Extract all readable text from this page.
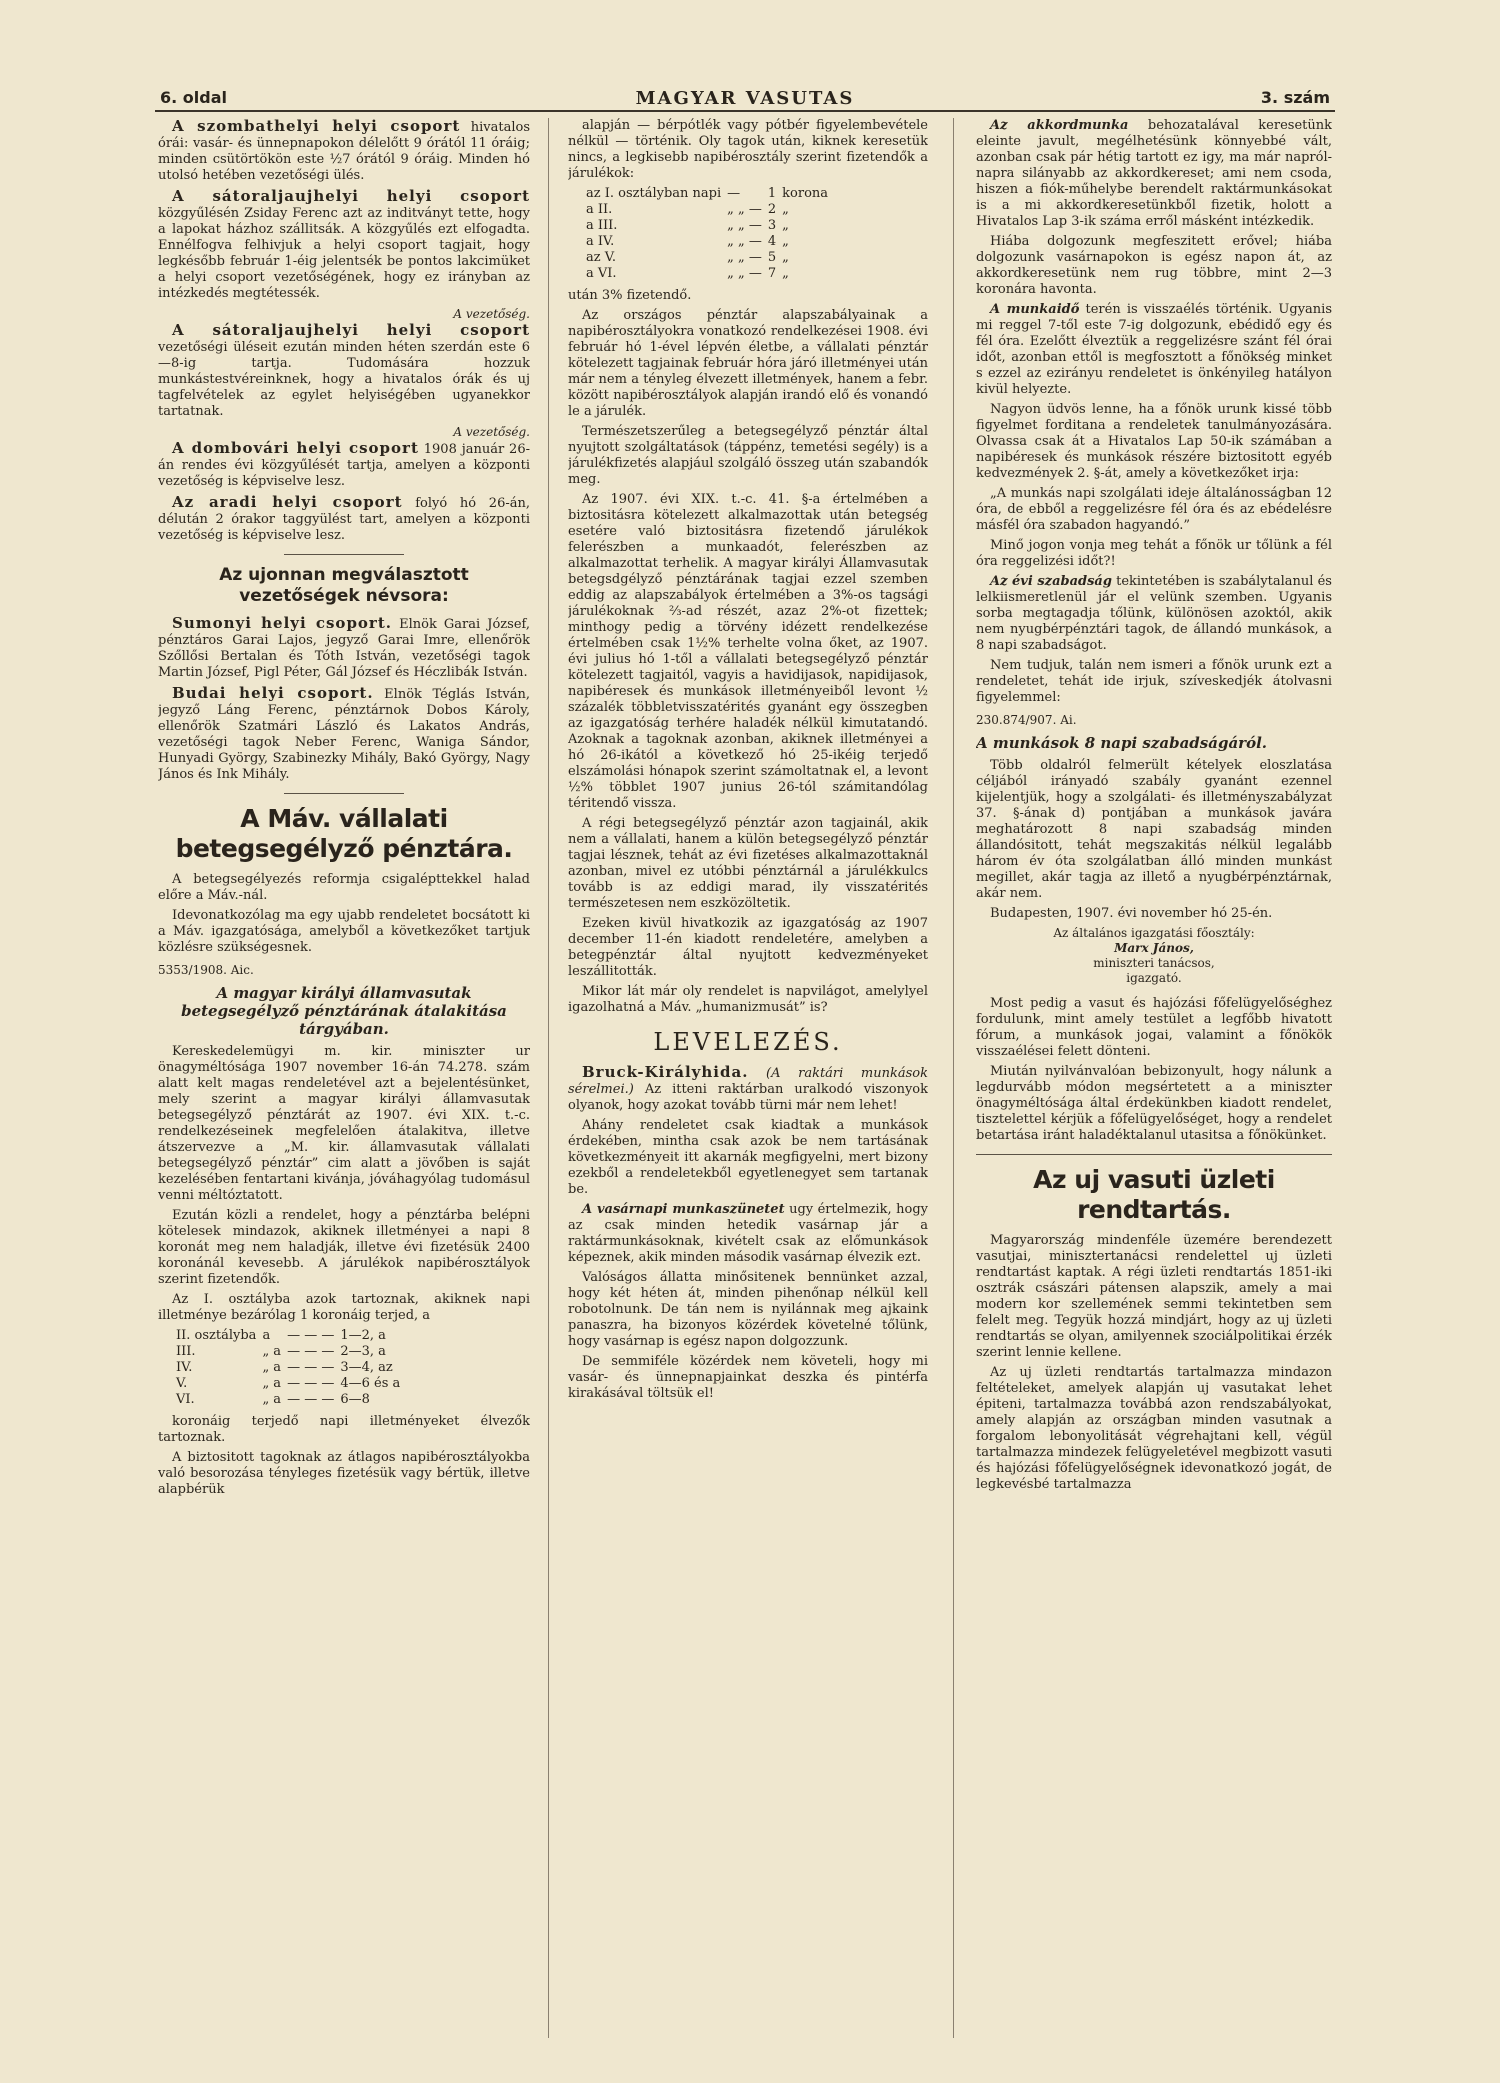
6. oldal	MAGYAR VASUTAS	3. szám

A szombathelyi helyi csoport hivatalos órái: vasár- és ünnepnapokon délelőtt 9 órától 11 óráig; minden csütörtökön este ½7 órától 9 óráig. Minden hó utolsó hetében vezetőségi ülés.

A sátoraljaujhelyi helyi csoport közgyűlésén Zsiday Ferenc azt az inditványt tette, hogy a lapokat házhoz szállitsák. A közgyűlés ezt elfogadta. Ennélfogva felhivjuk a helyi csoport tagjait, hogy legkésőbb február 1-éig jelentsék be pontos lakcimüket a helyi csoport vezetőségének, hogy ez irányban az intézkedés megtétessék.

A vezetőség.

A sátoraljaujhelyi helyi csoport vezetőségi üléseit ezután minden héten szerdán este 6—8-ig tartja. Tudomására hozzuk munkástestvéreinknek, hogy a hivatalos órák és uj tagfelvételek az egylet helyiségében ugyanekkor tartatnak.

A vezetőség.

A dombovári helyi csoport 1908 január 26-án rendes évi közgyűlését tartja, amelyen a központi vezetőség is képviselve lesz.

Az aradi helyi csoport folyó hó 26-án, délután 2 órakor taggyülést tart, amelyen a központi vezetőség is képviselve lesz.

Az ujonnan megválasztott vezetőségek névsora:

Sumonyi helyi csoport. Elnök Garai József, pénztáros Garai Lajos, jegyző Garai Imre, ellenőrök Szőllősi Bertalan és Tóth István, vezetőségi tagok Martin József, Pigl Péter, Gál József és Héczlibák István.

Budai helyi csoport. Elnök Téglás István, jegyző Láng Ferenc, pénztárnok Dobos Károly, ellenőrök Szatmári László és Lakatos András, vezetőségi tagok Neber Ferenc, Waniga Sándor, Hunyadi György, Szabinezky Mihály, Bakó György, Nagy János és Ink Mihály.

A Máv. vállalati betegsegélyző pénztára.

A betegsegélyezés reformja csigalépttekkel halad előre a Máv.-nál.

Idevonatkozólag ma egy ujabb rendeletet bocsátott ki a Máv. igazgatósága, amelyből a következőket tartjuk közlésre szükségesnek.

5353/1908. Aic.
A magyar királyi államvasutak betegsegélyző pénztárának átalakitása tárgyában.

Kereskedelemügyi m. kir. miniszter ur önagyméltósága 1907 november 16-án 74.278. szám alatt kelt magas rendeletével azt a bejelentésünket, mely szerint a magyar királyi államvasutak betegsegélyző pénztárát az 1907. évi XIX. t.-c. rendelkezéseinek megfelelően átalakitva, illetve átszervezve a „M. kir. államvasutak vállalati betegsegélyző pénztár” cim alatt a jövőben is saját kezelésében fentartani kivánja, jóváhagyólag tudomásul venni méltóztatott.

Ezután közli a rendelet, hogy a pénztárba belépni kötelesek mindazok, akiknek illetményei a napi 8 koronát meg nem haladják, illetve évi fizetésük 2400 koronánál kevesebb. A járulékok napibérosztályok szerint fizetendők.

Az I. osztályba azok tartoznak, akiknek napi illetménye bezárólag 1 koronáig terjed, a

II. osztályba	a	— — —	1—2, a
III.	„ a	— — —	2—3, a
IV.	„ a	— — —	3—4, az
V.	„ a	— — —	4—6 és a
VI.	„ a	— — —	6—8

koronáig terjedő napi illetményeket élvezők tartoznak.

A biztositott tagoknak az átlagos napibérosztályokba való besorozása tényleges fizetésük vagy bértük, illetve alapbérük

alapján — bérpótlék vagy pótbér figyelembevétele nélkül — történik. Oly tagok után, kiknek keresetük nincs, a legkisebb napibérosztály szerint fizetendők a járulékok:

az I. osztályban napi	—	1	korona
a II.	„ „ —	2	„
a III.	„ „ —	3	„
a IV.	„ „ —	4	„
az V.	„ „ —	5	„
a VI.	„ „ —	7	„

után 3% fizetendő.

Az országos pénztár alapszabályainak a napibérosztályokra vonatkozó rendelkezései 1908. évi február hó 1-ével lépvén életbe, a vállalati pénztár kötelezett tagjainak február hóra járó illetményei után már nem a tényleg élvezett illetmények, hanem a febr. között napibérosztályok alapján irandó elő és vonandó le a járulék.

Természetszerűleg a betegsegélyző pénztár által nyujtott szolgáltatások (táppénz, temetési segély) is a járulékfizetés alapjául szolgáló összeg után szabandók meg.

Az 1907. évi XIX. t.-c. 41. §-a értelmében a biztositásra kötelezett alkalmazottak után betegség esetére való biztositásra fizetendő járulékok felerészben a munkaadót, felerészben az alkalmazottat terhelik. A magyar királyi Államvasutak betegsdgélyző pénztárának tagjai ezzel szemben eddig az alapszabályok értelmében a 3%-os tagsági járulékoknak ⅔-ad részét, azaz 2%-ot fizettek; minthogy pedig a törvény idézett rendelkezése értelmében csak 1½% terhelte volna őket, az 1907. évi julius hó 1-től a vállalati betegsegélyző pénztár kötelezett tagjaitól, vagyis a havidijasok, napidijasok, napibéresek és munkások illetményeiből levont ½ százalék többletvisszatérités gyanánt egy összegben az igazgatóság terhére haladék nélkül kimutatandó. Azoknak a tagoknak azonban, akiknek illetményei a hó 26-ikától a következő hó 25-ikéig terjedő elszámolási hónapok szerint számoltatnak el, a levont ½% többlet 1907 junius 26-tól számitandólag téritendő vissza.

A régi betegsegélyző pénztár azon tagjainál, akik nem a vállalati, hanem a külön betegsegélyző pénztár tagjai lésznek, tehát az évi fizetéses alkalmazottaknál azonban, mivel ez utóbbi pénztárnál a járulékkulcs tovább is az eddigi marad, ily visszatérités természetesen nem eszközöltetik.

Ezeken kivül hivatkozik az igazgatóság az 1907 december 11-én kiadott rendeletére, amelyben a betegpénztár által nyujtott kedvezményeket leszállitották.

Mikor lát már oly rendelet is napvilágot, amelylyel igazolhatná a Máv. „humanizmusát” is?

LEVELEZÉS.

Bruck-Királyhida. (A raktári munkások sérelmei.) Az itteni raktárban uralkodó viszonyok olyanok, hogy azokat tovább türni már nem lehet!

Ahány rendeletet csak kiadtak a munkások érdekében, mintha csak azok be nem tartásának következményeit itt akarnák megfigyelni, mert bizony ezekből a rendeletekből egyetlenegyet sem tartanak be.

A vasárnapi munkaszünetet ugy értelmezik, hogy az csak minden hetedik vasárnap jár a raktármunkásoknak, kivételt csak az előmunkások képeznek, akik minden második vasárnap élvezik ezt.

Valóságos állatta minősitenek bennünket azzal, hogy két héten át, minden pihenőnap nélkül kell robotolnunk. De tán nem is nyilánnak meg ajkaink panaszra, ha bizonyos közérdek követelné tőlünk, hogy vasárnap is egész napon dolgozzunk.

De semmiféle közérdek nem követeli, hogy mi vasár- és ünnepnapjainkat deszka és pintérfa kirakásával töltsük el!

Az akkordmunka behozatalával keresetünk eleinte javult, megélhetésünk könnyebbé vált, azonban csak pár hétig tartott ez igy, ma már napról-napra silányabb az akkordkereset; ami nem csoda, hiszen a fiók-műhelybe berendelt raktármunkásokat is a mi akkordkeresetünkből fizetik, holott a Hivatalos Lap 3-ik száma erről másként intézkedik.

Hiába dolgozunk megfeszitett erővel; hiába dolgozunk vasárnapokon is egész napon át, az akkordkeresetünk nem rug többre, mint 2—3 koronára havonta.

A munkaidő terén is visszaélés történik. Ugyanis mi reggel 7-től este 7-ig dolgozunk, ebédidő egy és fél óra. Ezelőtt élveztük a reggelizésre szánt fél órai időt, azonban ettől is megfosztott a főnökség minket s ezzel az ezirányu rendeletet is önkényileg hatályon kivül helyezte.

Nagyon üdvös lenne, ha a főnök urunk kissé több figyelmet forditana a rendeletek tanulmányozására. Olvassa csak át a Hivatalos Lap 50-ik számában a napibéresek és munkások részére biztositott egyéb kedvezmények 2. §-át, amely a következőket irja:

„A munkás napi szolgálati ideje általánosságban 12 óra, de ebből a reggelizésre fél óra és az ebédelésre másfél óra szabadon hagyandó.”

Minő jogon vonja meg tehát a főnök ur tőlünk a fél óra reggelizési időt?!

Az évi szabadság tekintetében is szabálytalanul és lelkiismeretlenül jár el velünk szemben. Ugyanis sorba megtagadja tőlünk, különösen azoktól, akik nem nyugbérpénztári tagok, de állandó munkások, a 8 napi szabadságot.

Nem tudjuk, talán nem ismeri a főnök urunk ezt a rendeletet, tehát ide irjuk, szíveskedjék átolvasni figyelemmel:

230.874/907. Ai.
A munkások 8 napi szabadságáról.

Több oldalról felmerült kételyek eloszlatása céljából irányadó szabály gyanánt ezennel kijelentjük, hogy a szolgálati- és illetményszabályzat 37. §-ának d) pontjában a munkások javára meghatározott 8 napi szabadság minden állandósitott, tehát megszakitás nélkül legalább három év óta szolgálatban álló minden munkást megillet, akár tagja az illető a nyugbérpénztárnak, akár nem.

Budapesten, 1907. évi november hó 25-én.

Az általános igazgatási főosztály:
Marx János,
miniszteri tanácsos,
igazgató.

Most pedig a vasut és hajózási főfelügyelőséghez fordulunk, mint amely testület a legfőbb hivatott fórum, a munkások jogai, valamint a főnökök visszaélései felett dönteni.

Miután nyilvánvalóan bebizonyult, hogy nálunk a legdurvább módon megsértetett a a miniszter önagyméltósága által érdekünkben kiadott rendelet, tisztelettel kérjük a főfelügyelőséget, hogy a rendelet betartása iránt haladéktalanul utasitsa a főnökünket.

Az uj vasuti üzleti rendtartás.

Magyarország mindenféle üzemére berendezett vasutjai, minisztertanácsi rendelettel uj üzleti rendtartást kaptak. A régi üzleti rendtartás 1851-iki osztrák császári pátensen alapszik, amely a mai modern kor szellemének semmi tekintetben sem felelt meg. Tegyük hozzá mindjárt, hogy az uj üzleti rendtartás se olyan, amilyennek szociálpolitikai érzék szerint lennie kellene.

Az uj üzleti rendtartás tartalmazza mindazon feltételeket, amelyek alapján uj vasutakat lehet épiteni, tartalmazza továbbá azon rendszabályokat, amely alapján az országban minden vasutnak a forgalom lebonyolitását végrehajtani kell, végül tartalmazza mindezek felügyeletével megbizott vasuti és hajózási főfelügyelőségnek idevonatkozó jogát, de legkevésbé tartalmazza
